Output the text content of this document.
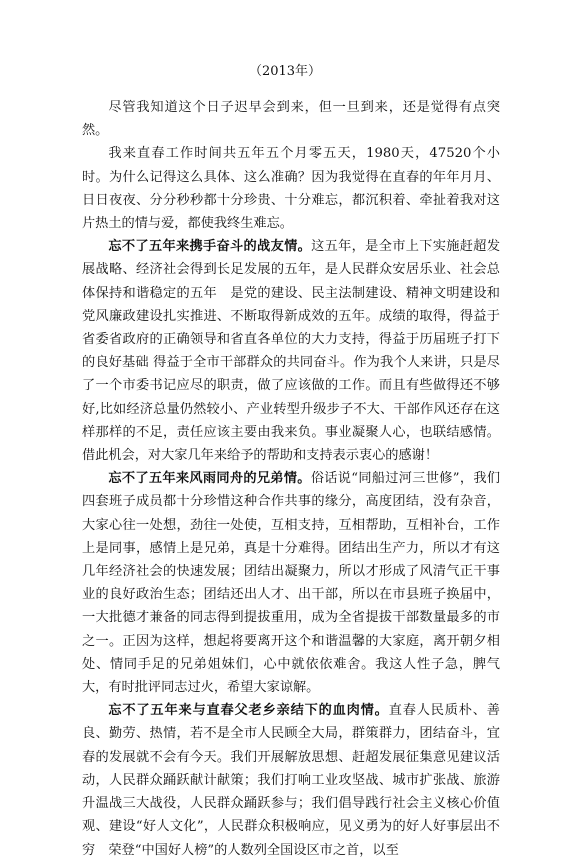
（2013年）

尽管我知道这个日子迟早会到来，但一旦到来，还是觉得有点突然。

我来直春工作时间共五年五个月零五天，1980天，47520个小时。为什么记得这么具体、这么准确？因为我觉得在直春的年年月月、日日夜夜、分分秒秒都十分珍贵、十分难忘，都沉积着、牵扯着我对这片热土的情与爱，都使我终生难忘。

忘不了五年来携手奋斗的战友情。这五年，是全市上下实施赶超发展战略、经济社会得到长足发展的五年，是人民群众安居乐业、社会总体保持和谐稳定的五年　是党的建设、民主法制建设、精神文明建设和党风廉政建设扎实推进、不断取得新成效的五年。成绩的取得，得益于省委省政府的正确领导和省直各单位的大力支持，得益于历届班子打下的良好基础 得益于全市干部群众的共同奋斗。作为我个人来讲，只是尽了一个市委书记应尽的职责，做了应该做的工作。而且有些做得还不够好,比如经济总量仍然较小、产业转型升级步子不大、干部作风还存在这样那样的不足，责任应该主要由我来负。事业凝聚人心，也联结感情。借此机会，对大家几年来给予的帮助和支持表示衷心的感谢！

忘不了五年来风雨同舟的兄弟情。俗话说“同船过河三世修”，我们四套班子成员都十分珍惜这种合作共事的缘分，高度团结，没有杂音，大家心往一处想，劲往一处使，互相支持，互相帮助，互相补台，工作上是同事，感情上是兄弟，真是十分难得。团结出生产力，所以才有这几年经济社会的快速发展；团结出凝聚力，所以才形成了风清气正干事业的良好政治生态；团结还出人才、出干部，所以在市县班子换届中，一大批德才兼备的同志得到提拔重用，成为全省提拔干部数量最多的市之一。正因为这样，想起将要离开这个和谐温馨的大家庭，离开朝夕相处、情同手足的兄弟姐妹们，心中就依依难舍。我这人性子急，脾气大，有时批评同志过火，希望大家谅解。

忘不了五年来与直春父老乡亲结下的血肉情。直春人民质朴、善良、勤劳、热情，若不是全市人民顾全大局，群策群力，团结奋斗，宜春的发展就不会有今天。我们开展解放思想、赶超发展征集意见建议活动，人民群众踊跃献计献策；我们打响工业攻坚战、城市扩张战、旅游升温战三大战役，人民群众踊跃参与；我们倡导践行社会主义核心价值观、建设“好人文化”，人民群众积极响应，见义勇为的好人好事层出不穷　荣登“中国好人榜”的人数列全国设区市之首，以至
